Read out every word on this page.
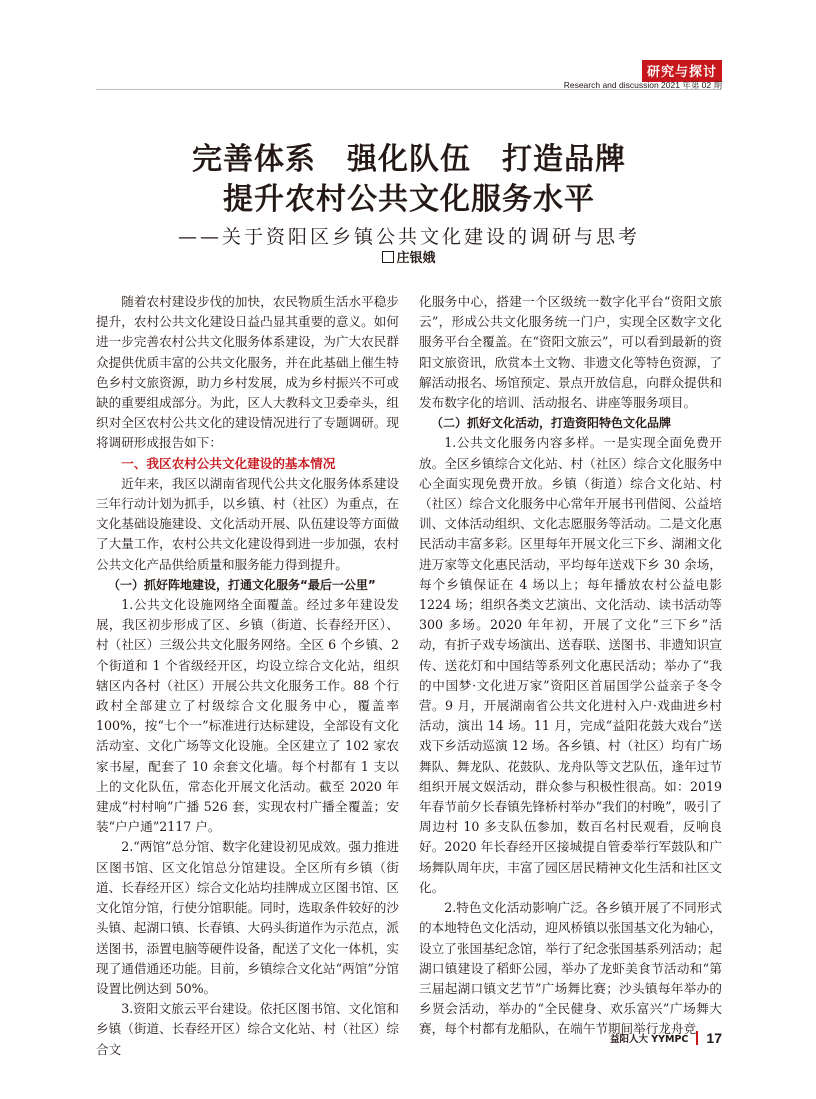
研究与探讨
Research and discussion 2021 年第 02 期
完善体系　强化队伍　打造品牌
提升农村公共文化服务水平
——关于资阳区乡镇公共文化建设的调研与思考
庄银娥

随着农村建设步伐的加快，农民物质生活水平稳步提升，农村公共文化建设日益凸显其重要的意义。如何进一步完善农村公共文化服务体系建设，为广大农民群众提供优质丰富的公共文化服务，并在此基础上催生特色乡村文旅资源，助力乡村发展，成为乡村振兴不可或缺的重要组成部分。为此，区人大教科文卫委牵头，组织对全区农村公共文化的建设情况进行了专题调研。现将调研形成报告如下：

一、我区农村公共文化建设的基本情况

近年来，我区以湖南省现代公共文化服务体系建设三年行动计划为抓手，以乡镇、村（社区）为重点，在文化基础设施建设、文化活动开展、队伍建设等方面做了大量工作，农村公共文化建设得到进一步加强，农村公共文化产品供给质量和服务能力得到提升。

（一）抓好阵地建设，打通文化服务“最后一公里”

1.公共文化设施网络全面覆盖。经过多年建设发展，我区初步形成了区、乡镇（街道、长春经开区）、村（社区）三级公共文化服务网络。全区 6 个乡镇、2 个街道和 1 个省级经开区，均设立综合文化站，组织辖区内各村（社区）开展公共文化服务工作。88 个行政村全部建立了村级综合文化服务中心，覆盖率 100%，按“七个一”标准进行达标建设，全部设有文化活动室、文化广场等文化设施。全区建立了 102 家农家书屋，配套了 10 余套文化墙。每个村都有 1 支以上的文化队伍，常态化开展文化活动。截至 2020 年建成“村村响”广播 526 套，实现农村广播全覆盖；安装“户户通”2117 户。

2.“两馆”总分馆、数字化建设初见成效。强力推进区图书馆、区文化馆总分馆建设。全区所有乡镇（街道、长春经开区）综合文化站均挂牌成立区图书馆、区文化馆分馆，行使分馆职能。同时，选取条件较好的沙头镇、起湖口镇、长春镇、大码头街道作为示范点，派送图书，添置电脑等硬件设备，配送了文化一体机，实现了通借通还功能。目前，乡镇综合文化站“两馆”分馆设置比例达到 50%。

3.资阳文旅云平台建设。依托区图书馆、文化馆和乡镇（街道、长春经开区）综合文化站、村（社区）综合文

化服务中心，搭建一个区级统一数字化平台“资阳文旅云”，形成公共文化服务统一门户，实现全区数字文化服务平台全覆盖。在“资阳文旅云”，可以看到最新的资阳文旅资讯，欣赏本土文物、非遗文化等特色资源，了解活动报名、场馆预定、景点开放信息，向群众提供和发布数字化的培训、活动报名、讲座等服务项目。

（二）抓好文化活动，打造资阳特色文化品牌

1.公共文化服务内容多样。一是实现全面免费开放。全区乡镇综合文化站、村（社区）综合文化服务中心全面实现免费开放。乡镇（街道）综合文化站、村（社区）综合文化服务中心常年开展书刊借阅、公益培训、文体活动组织、文化志愿服务等活动。二是文化惠民活动丰富多彩。区里每年开展文化三下乡、湖湘文化进万家等文化惠民活动，平均每年送戏下乡 30 余场，每个乡镇保证在 4 场以上；每年播放农村公益电影 1224 场；组织各类文艺演出、文化活动、读书活动等 300 多场。2020 年年初，开展了文化“三下乡”活动，有折子戏专场演出、送春联、送图书、非遗知识宣传、送花灯和中国结等系列文化惠民活动；举办了“我的中国梦·文化进万家”资阳区首届国学公益亲子冬令营。9 月，开展湖南省公共文化进村入户·戏曲进乡村活动，演出 14 场。11 月，完成“益阳花鼓大戏台”送戏下乡活动巡演 12 场。各乡镇、村（社区）均有广场舞队、舞龙队、花鼓队、龙舟队等文艺队伍，逢年过节组织开展文娱活动，群众参与积极性很高。如：2019 年春节前夕长春镇先锋桥村举办“我们的村晚”，吸引了周边村 10 多支队伍参加，数百名村民观看，反响良好。2020 年长春经开区接城提自管委举行军鼓队和广场舞队周年庆，丰富了园区居民精神文化生活和社区文化。

2.特色文化活动影响广泛。各乡镇开展了不同形式的本地特色文化活动，迎风桥镇以张国基文化为轴心，设立了张国基纪念馆，举行了纪念张国基系列活动；起湖口镇建设了稻虾公园，举办了龙虾美食节活动和“第三届起湖口镇文艺节”广场舞比赛；沙头镇每年举办的乡贤会活动，举办的“全民健身、欢乐富兴”广场舞大赛，每个村都有龙船队，在端午节期间举行龙舟竞

益阳人大 YYMPC 17
